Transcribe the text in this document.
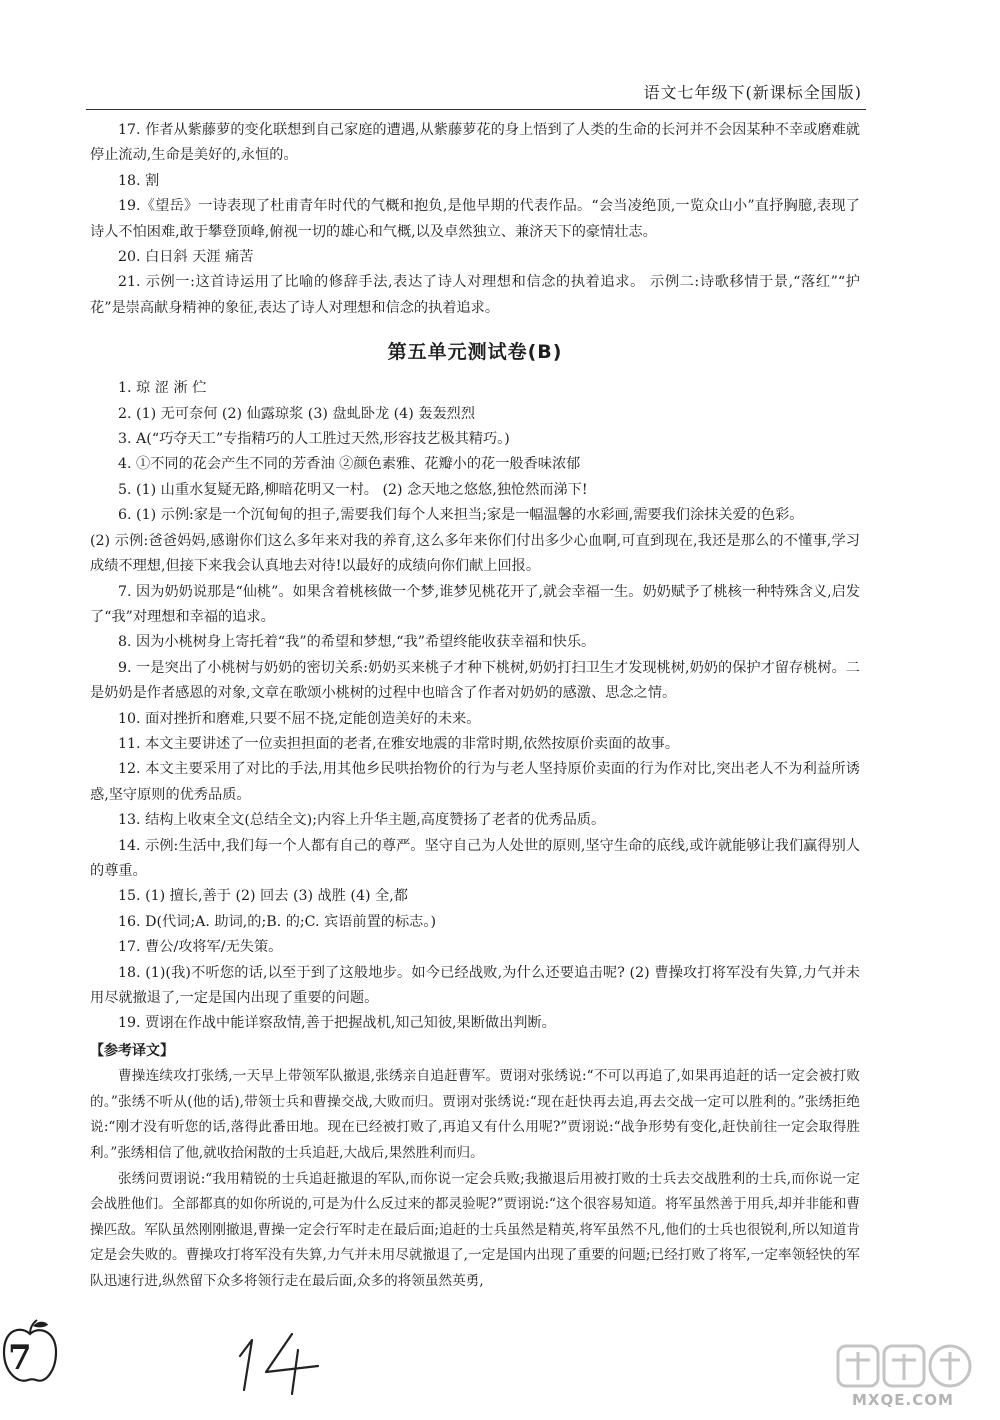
语文七年级下(新课标全国版)

17. 作者从紫藤萝的变化联想到自己家庭的遭遇,从紫藤萝花的身上悟到了人类的生命的长河并不会因某种不幸或磨难就停止流动,生命是美好的,永恒的。

18. 割

19.《望岳》一诗表现了杜甫青年时代的气概和抱负,是他早期的代表作品。“会当凌绝顶,一览众山小”直抒胸臆,表现了诗人不怕困难,敢于攀登顶峰,俯视一切的雄心和气概,以及卓然独立、兼济天下的豪情壮志。

20. 白日斜 天涯 痛苦

21. 示例一:这首诗运用了比喻的修辞手法,表达了诗人对理想和信念的执着追求。 示例二:诗歌移情于景,“落红”“护花”是崇高献身精神的象征,表达了诗人对理想和信念的执着追求。

第五单元测试卷(B)

1. 琼 涩 淅 伫

2. (1) 无可奈何 (2) 仙露琼浆 (3) 盘虬卧龙 (4) 轰轰烈烈

3. A(“巧夺天工”专指精巧的人工胜过天然,形容技艺极其精巧。)

4. ①不同的花会产生不同的芳香油 ②颜色素雅、花瓣小的花一般香味浓郁

5. (1) 山重水复疑无路,柳暗花明又一村。 (2) 念天地之悠悠,独怆然而涕下!

6. (1) 示例:家是一个沉甸甸的担子,需要我们每个人来担当;家是一幅温馨的水彩画,需要我们涂抹关爱的色彩。

(2) 示例:爸爸妈妈,感谢你们这么多年来对我的养育,这么多年来你们付出多少心血啊,可直到现在,我还是那么的不懂事,学习成绩不理想,但接下来我会认真地去对待!以最好的成绩向你们献上回报。

7. 因为奶奶说那是“仙桃”。如果含着桃核做一个梦,谁梦见桃花开了,就会幸福一生。奶奶赋予了桃核一种特殊含义,启发了“我”对理想和幸福的追求。

8. 因为小桃树身上寄托着“我”的希望和梦想,“我”希望终能收获幸福和快乐。

9. 一是突出了小桃树与奶奶的密切关系:奶奶买来桃子才种下桃树,奶奶打扫卫生才发现桃树,奶奶的保护才留存桃树。二是奶奶是作者感恩的对象,文章在歌颂小桃树的过程中也暗含了作者对奶奶的感激、思念之情。

10. 面对挫折和磨难,只要不屈不挠,定能创造美好的未来。

11. 本文主要讲述了一位卖担担面的老者,在雅安地震的非常时期,依然按原价卖面的故事。

12. 本文主要采用了对比的手法,用其他乡民哄抬物价的行为与老人坚持原价卖面的行为作对比,突出老人不为利益所诱惑,坚守原则的优秀品质。

13. 结构上收束全文(总结全文);内容上升华主题,高度赞扬了老者的优秀品质。

14. 示例:生活中,我们每一个人都有自己的尊严。坚守自己为人处世的原则,坚守生命的底线,或许就能够让我们赢得别人的尊重。

15. (1) 擅长,善于 (2) 回去 (3) 战胜 (4) 全,都

16. D(代词;A. 助词,的;B. 的;C. 宾语前置的标志。)

17. 曹公/攻将军/无失策。

18. (1)(我)不听您的话,以至于到了这般地步。如今已经战败,为什么还要追击呢? (2) 曹操攻打将军没有失算,力气并未用尽就撤退了,一定是国内出现了重要的问题。

19. 贾诩在作战中能详察敌情,善于把握战机,知己知彼,果断做出判断。

【参考译文】

曹操连续攻打张绣,一天早上带领军队撤退,张绣亲自追赶曹军。贾诩对张绣说:“不可以再追了,如果再追赶的话一定会被打败的。”张绣不听从(他的话),带领士兵和曹操交战,大败而归。贾诩对张绣说:“现在赶快再去追,再去交战一定可以胜利的。”张绣拒绝说:“刚才没有听您的话,落得此番田地。现在已经被打败了,再追又有什么用呢?”贾诩说:“战争形势有变化,赶快前往一定会取得胜利。”张绣相信了他,就收拾闲散的士兵追赶,大战后,果然胜利而归。

张绣问贾诩说:“我用精锐的士兵追赶撤退的军队,而你说一定会兵败;我撤退后用被打败的士兵去交战胜利的士兵,而你说一定会战胜他们。全部都真的如你所说的,可是为什么反过来的都灵验呢?”贾诩说:“这个很容易知道。将军虽然善于用兵,却并非能和曹操匹敌。军队虽然刚刚撤退,曹操一定会行军时走在最后面;追赶的士兵虽然是精英,将军虽然不凡,他们的士兵也很锐利,所以知道肯定是会失败的。曹操攻打将军没有失算,力气并未用尽就撤退了,一定是国内出现了重要的问题;已经打败了将军,一定率领轻快的军队迅速行进,纵然留下众多将领行走在最后面,众多的将领虽然英勇,

7
MXQE.COM
